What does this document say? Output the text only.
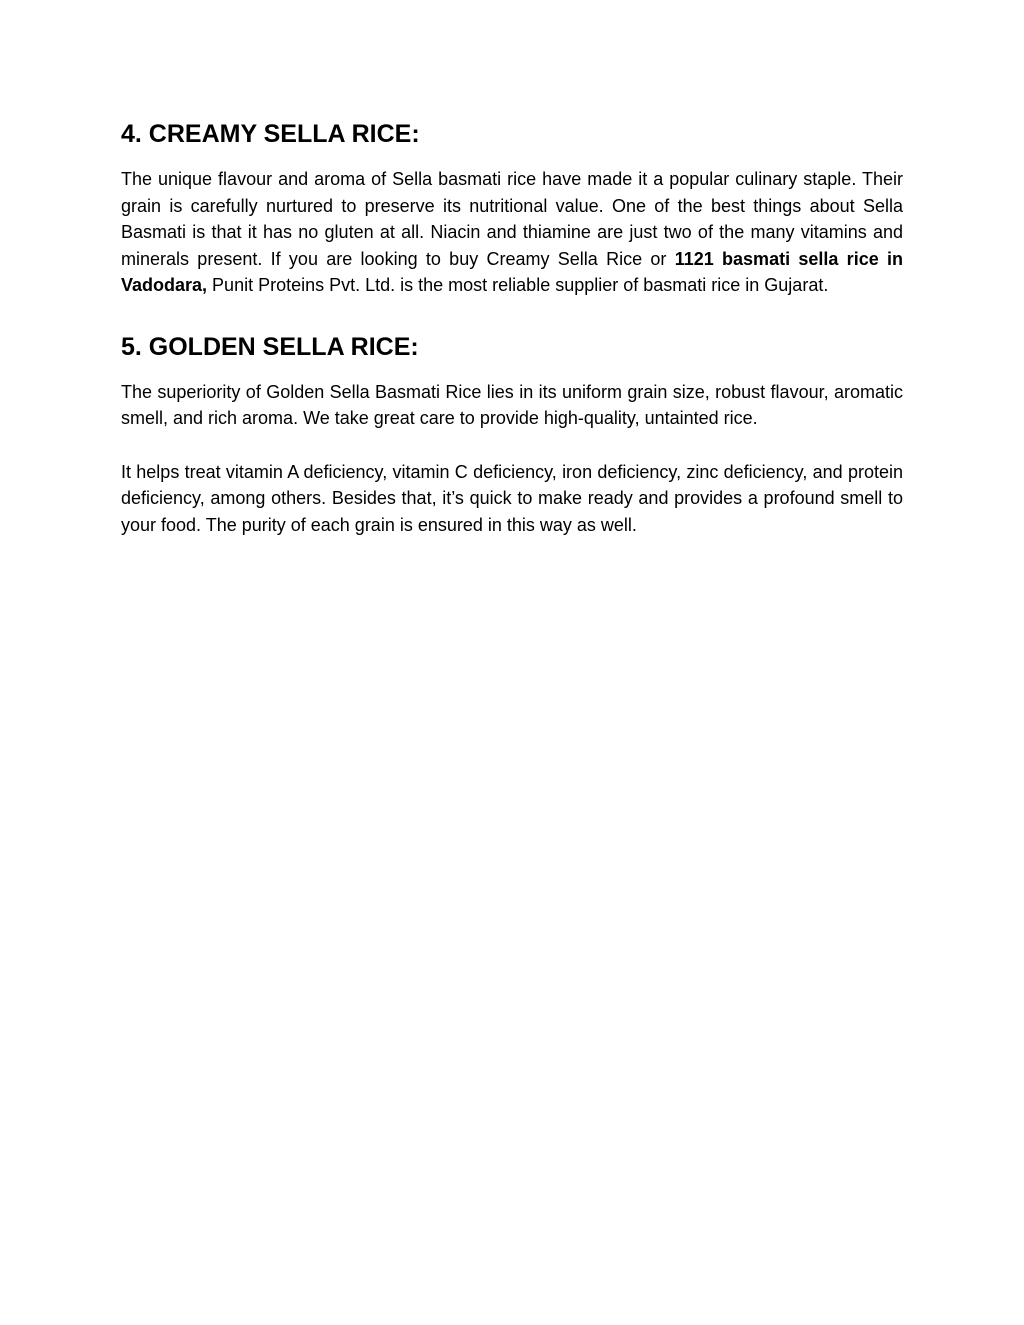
4. CREAMY SELLA RICE:

The unique flavour and aroma of Sella basmati rice have made it a popular culinary staple. Their grain is carefully nurtured to preserve its nutritional value. One of the best things about Sella Basmati is that it has no gluten at all. Niacin and thiamine are just two of the many vitamins and minerals present. If you are looking to buy Creamy Sella Rice or 1121 basmati sella rice in Vadodara, Punit Proteins Pvt. Ltd. is the most reliable supplier of basmati rice in Gujarat.

5. GOLDEN SELLA RICE:

The superiority of Golden Sella Basmati Rice lies in its uniform grain size, robust flavour, aromatic smell, and rich aroma. We take great care to provide high-quality, untainted rice.

It helps treat vitamin A deficiency, vitamin C deficiency, iron deficiency, zinc deficiency, and protein deficiency, among others. Besides that, it’s quick to make ready and provides a profound smell to your food. The purity of each grain is ensured in this way as well.
